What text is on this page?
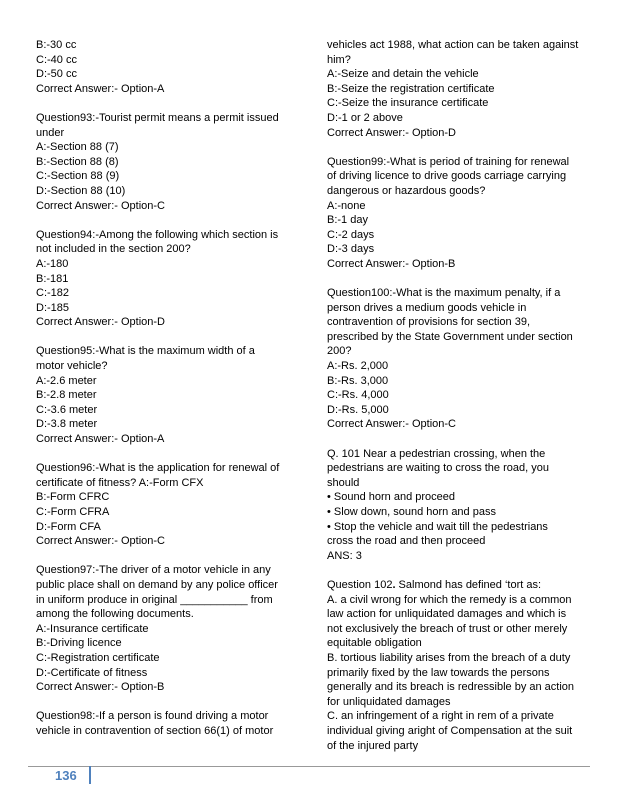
B:-30 cc
C:-40 cc
D:-50 cc
Correct Answer:- Option-A
Question93:-Tourist permit means a permit issued
under
A:-Section 88 (7)
B:-Section 88 (8)
C:-Section 88 (9)
D:-Section 88 (10)
Correct Answer:- Option-C
Question94:-Among the following which section is
not included in the section 200?
A:-180
B:-181
C:-182
D:-185
Correct Answer:- Option-D
Question95:-What is the maximum width of a
motor vehicle?
A:-2.6 meter
B:-2.8 meter
C:-3.6 meter
D:-3.8 meter
Correct Answer:- Option-A
Question96:-What is the application for renewal of
certificate of fitness? A:-Form CFX
B:-Form CFRC
C:-Form CFRA
D:-Form CFA
Correct Answer:- Option-C
Question97:-The driver of a motor vehicle in any
public place shall on demand by any police officer
in uniform produce in original ___________ from
among the following documents.
A:-Insurance certificate
B:-Driving licence
C:-Registration certificate
D:-Certificate of fitness
Correct Answer:- Option-B
Question98:-If a person is found driving a motor
vehicle in contravention of section 66(1) of motor
vehicles act 1988, what action can be taken against
him?
A:-Seize and detain the vehicle
B:-Seize the registration certificate
C:-Seize the insurance certificate
D:-1 or 2 above
Correct Answer:- Option-D
Question99:-What is period of training for renewal
of driving licence to drive goods carriage carrying
dangerous or hazardous goods?
A:-none
B:-1 day
C:-2 days
D:-3 days
Correct Answer:- Option-B
Question100:-What is the maximum penalty, if a
person drives a medium goods vehicle in
contravention of provisions for section 39,
prescribed by the State Government under section
200?
A:-Rs. 2,000
B:-Rs. 3,000
C:-Rs. 4,000
D:-Rs. 5,000
Correct Answer:- Option-C
Q. 101 Near a pedestrian crossing, when the
pedestrians are waiting to cross the road, you
should
• Sound horn and proceed
• Slow down, sound horn and pass
• Stop the vehicle and wait till the pedestrians
cross the road and then proceed
ANS: 3
Question 102. Salmond has defined ‘tort as:
A. a civil wrong for which the remedy is a common
law action for unliquidated damages and which is
not exclusively the breach of trust or other merely
equitable obligation
B. tortious liability arises from the breach of a duty
primarily fixed by the law towards the persons
generally and its breach is redressible by an action
for unliquidated damages
C. an infringement of a right in rem of a private
individual giving aright of Compensation at the suit
of the injured party
136
